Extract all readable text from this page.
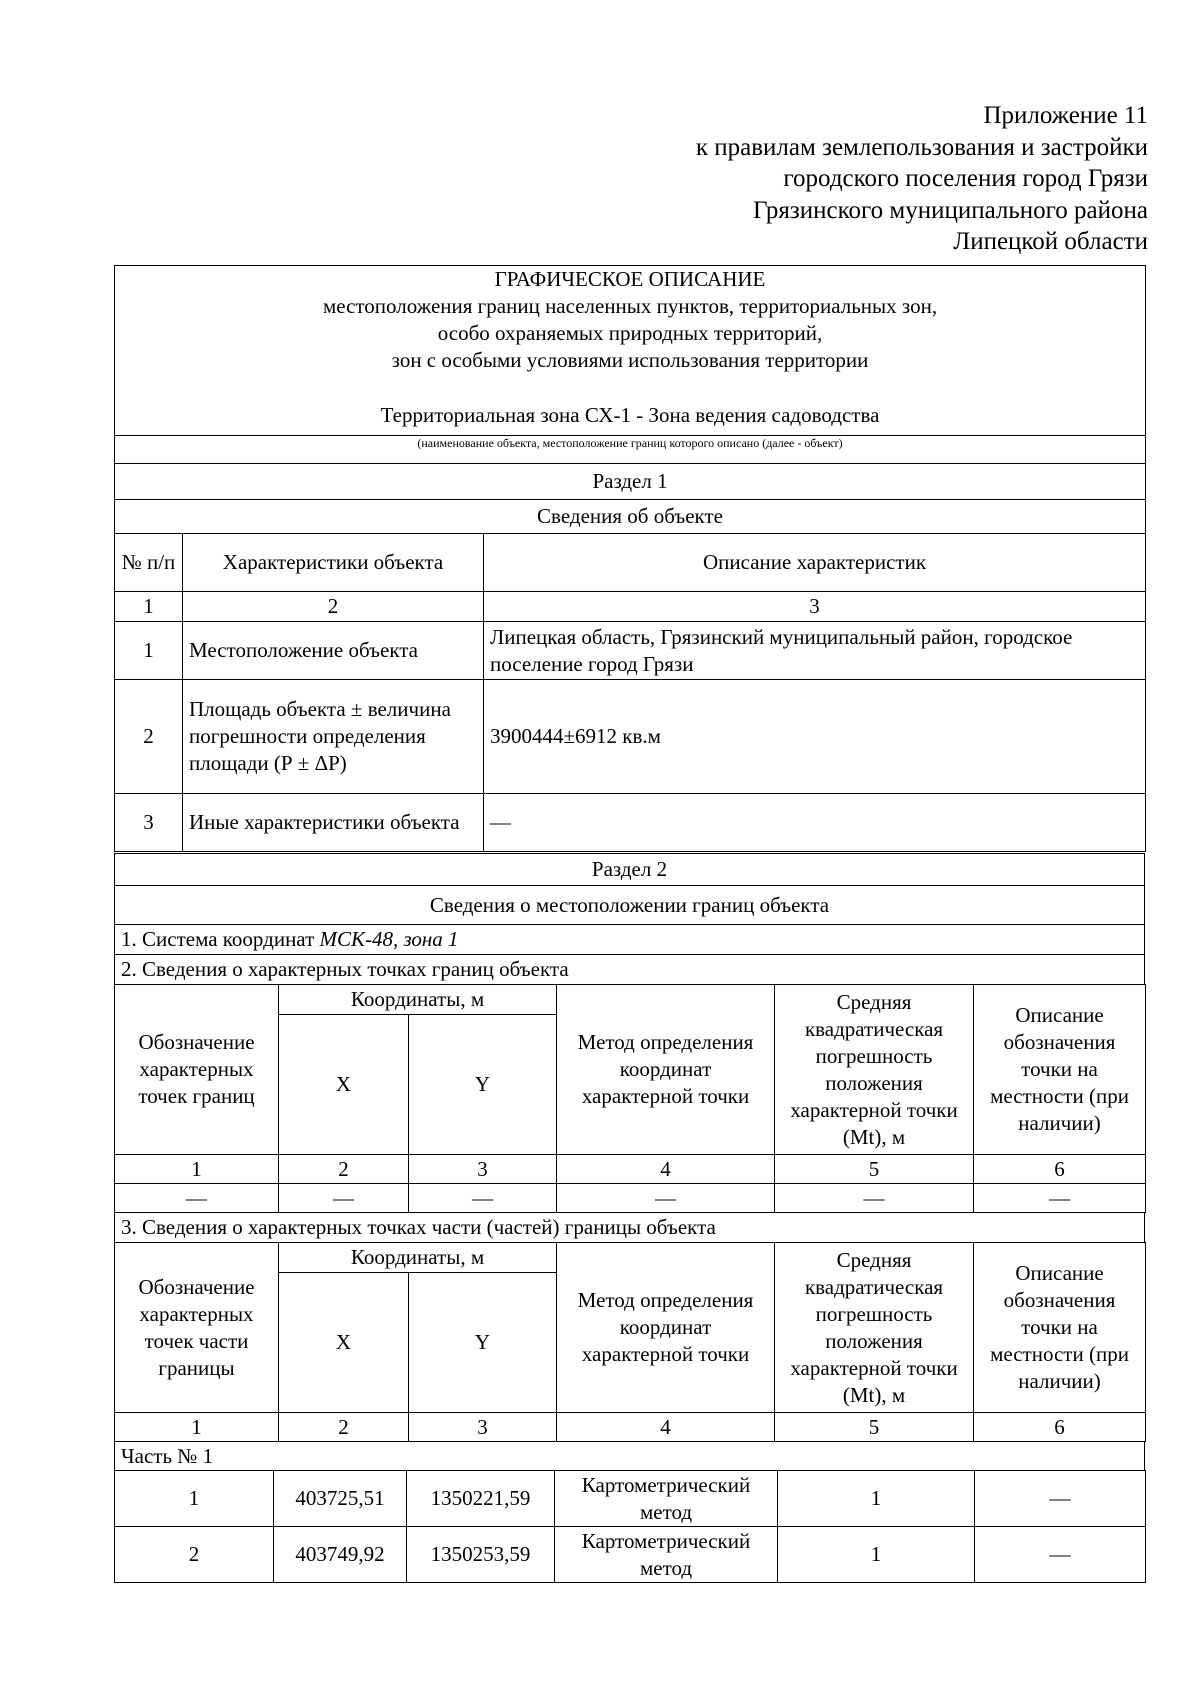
Приложение 11
к правилам землепользования и застройки
городского поселения город Грязи
Грязинского муниципального района
Липецкой области
ГРАФИЧЕСКОЕ ОПИСАНИЕ
местоположения границ населенных пунктов, территориальных зон,
особо охраняемых природных территорий,
зон с особыми условиями использования территории
Территориальная зона СХ-1 - Зона ведения садоводства		

(наименование объекта, местоположение границ которого описано (далее - объект)		
Раздел 1		
Сведения об объекте		
№ п/п	Характеристики объекта	Описание характеристик
1	2	3
1	Местоположение объекта	Липецкая область, Грязинский муниципальный район, городское поселение город Грязи
2	Площадь объекта ± величина погрешности определения площади (Р ± ΔР)	3900444±6912 кв.м
3	Иные характеристики объекта	—
Раздел 2
Сведения о местоположении границ объекта
1. Система координат МСК-48, зона 1
2. Сведения о характерных точках границ объекта
Обозначение характерных точек границ	Координаты, м		Метод определения координат характерной точки	Средняя квадратическая погрешность положения характерной точки (Mt), м	Описание обозначения точки на местности (при наличии)
	X	Y			
1	2	3	4	5	6
—	—	—	—	—	—
3. Сведения о характерных точках части (частей) границы объекта
Обозначение характерных точек части границы	Координаты, м		Метод определения координат характерной точки	Средняя квадратическая погрешность положения характерной точки (Mt), м	Описание обозначения точки на местности (при наличии)
	X	Y			
1	2	3	4	5	6
Часть № 1
1	403725,51	1350221,59	Картометрический метод	1	—
2	403749,92	1350253,59	Картометрический метод	1	—
